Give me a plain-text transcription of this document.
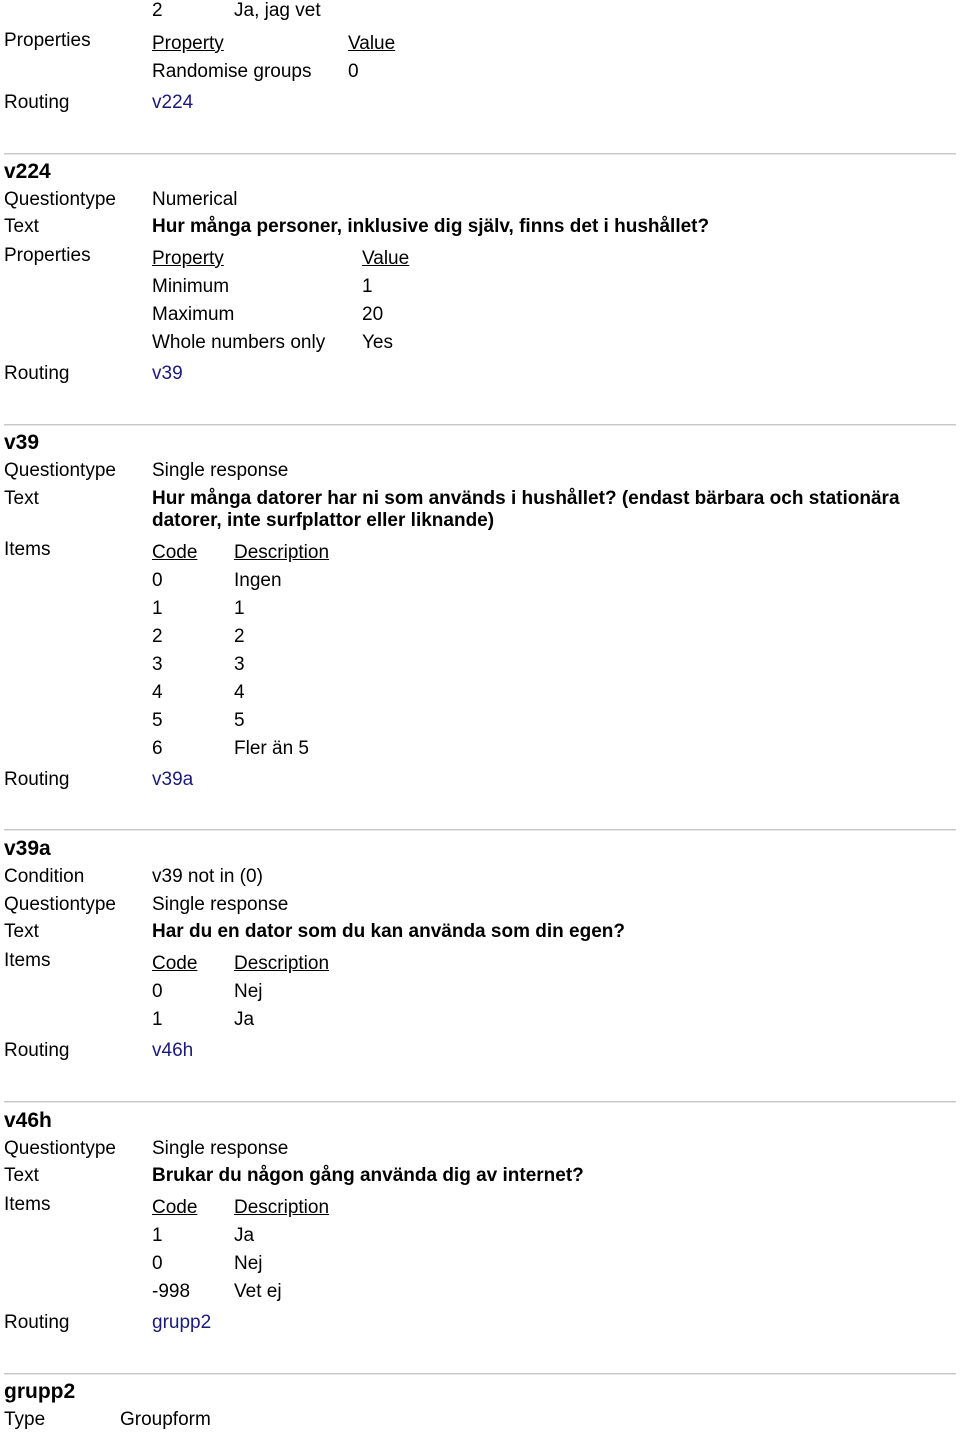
2	Ja, jag vet
Properties	Property	Value
Randomise groups 0
Routing	v224
v224
Questiontype Numerical
Text	Hur många personer, inklusive dig själv, finns det i hushållet?
Properties	Property	Value
Minimum	1
Maximum	20
Whole numbers only Yes
Routing	v39
v39
Questiontype Single response
Text	Hur många datorer har ni som används i hushållet? (endast bärbara och stationära
datorer, inte surfplattor eller liknande)
Items	Code Description
0	Ingen
1	1
2	2
3	3
4	4
5	5
6	Fler än 5
Routing	v39a
v39a
Condition	v39 not in (0)
Questiontype Single response
Text	Har du en dator som du kan använda som din egen?
Items	Code Description
0	Nej
1	Ja
Routing	v46h
v46h
Questiontype Single response
Text	Brukar du någon gång använda dig av internet?
Items	Code Description
1	Ja
0	Nej
-998 Vet ej
Routing	grupp2
grupp2
Type	Groupform
